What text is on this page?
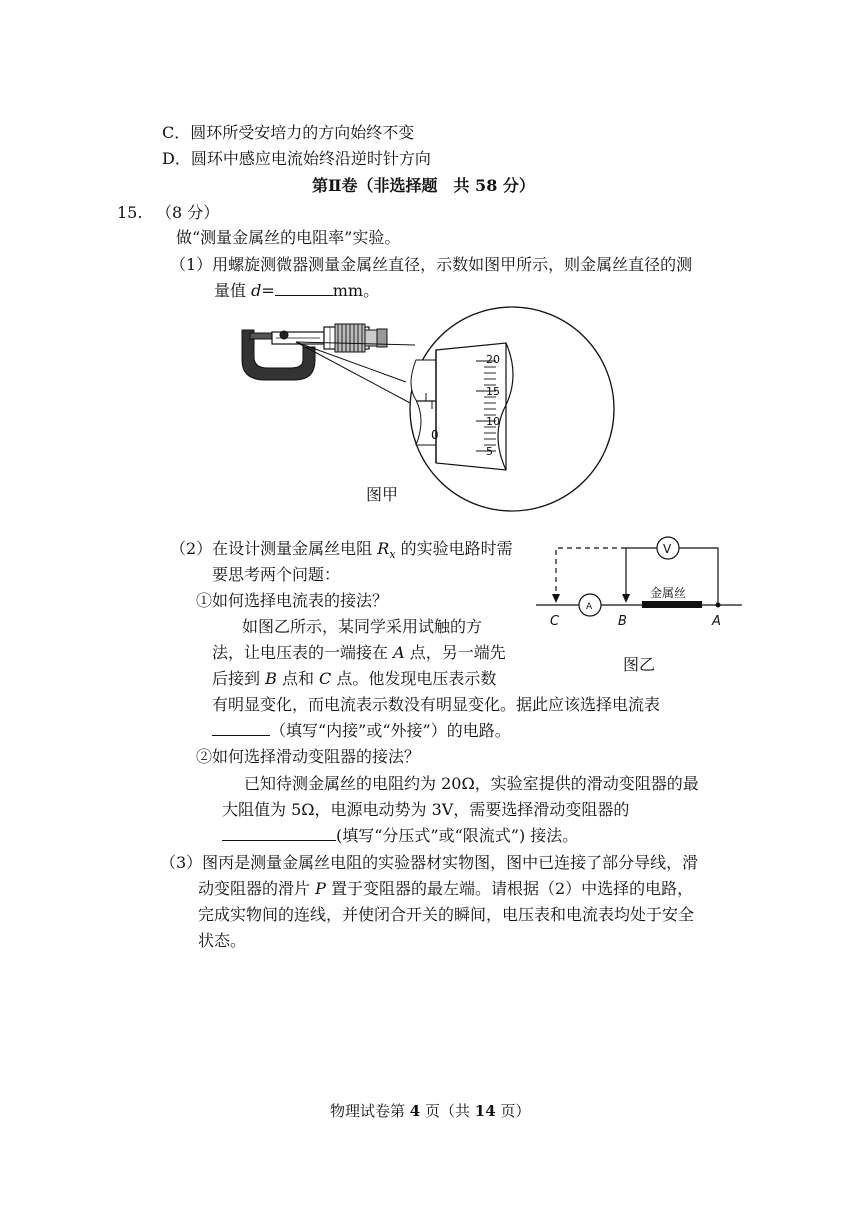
C．圆环所受安培力的方向始终不变
D．圆环中感应电流始终沿逆时针方向
第Ⅱ卷（非选择题　共 58 分）
15. （8 分）
做“测量金属丝的电阻率”实验。
（1）用螺旋测微器测量金属丝直径，示数如图甲所示，则金属丝直径的测
量值 d=	mm。
20
15
10
5
0
图甲
（2）在设计测量金属丝电阻 $R_x$ 的实验电路时需
要思考两个问题：
①如何选择电流表的接法？
如图乙所示，某同学采用试触的方
法，让电压表的一端接在 A 点，另一端先
后接到 B 点和 C 点。他发现电压表示数
有明显变化，而电流表示数没有明显变化。据此应该选择电流表
（填写“内接”或“外接”）的电路。
②如何选择滑动变阻器的接法？
已知待测金属丝的电阻约为 20Ω，实验室提供的滑动变阻器的最
大阻值为 5Ω，电源电动势为 3V，需要选择滑动变阻器的
(填写“分压式”或“限流式”) 接法。
A
金属丝
V
C	B	A
图乙
（3）图丙是测量金属丝电阻的实验器材实物图，图中已连接了部分导线，滑
动变阻器的滑片 P 置于变阻器的最左端。请根据（2）中选择的电路，
完成实物间的连线，并使闭合开关的瞬间，电压表和电流表均处于安全
状态。
物理试卷第 4 页（共 14 页）
